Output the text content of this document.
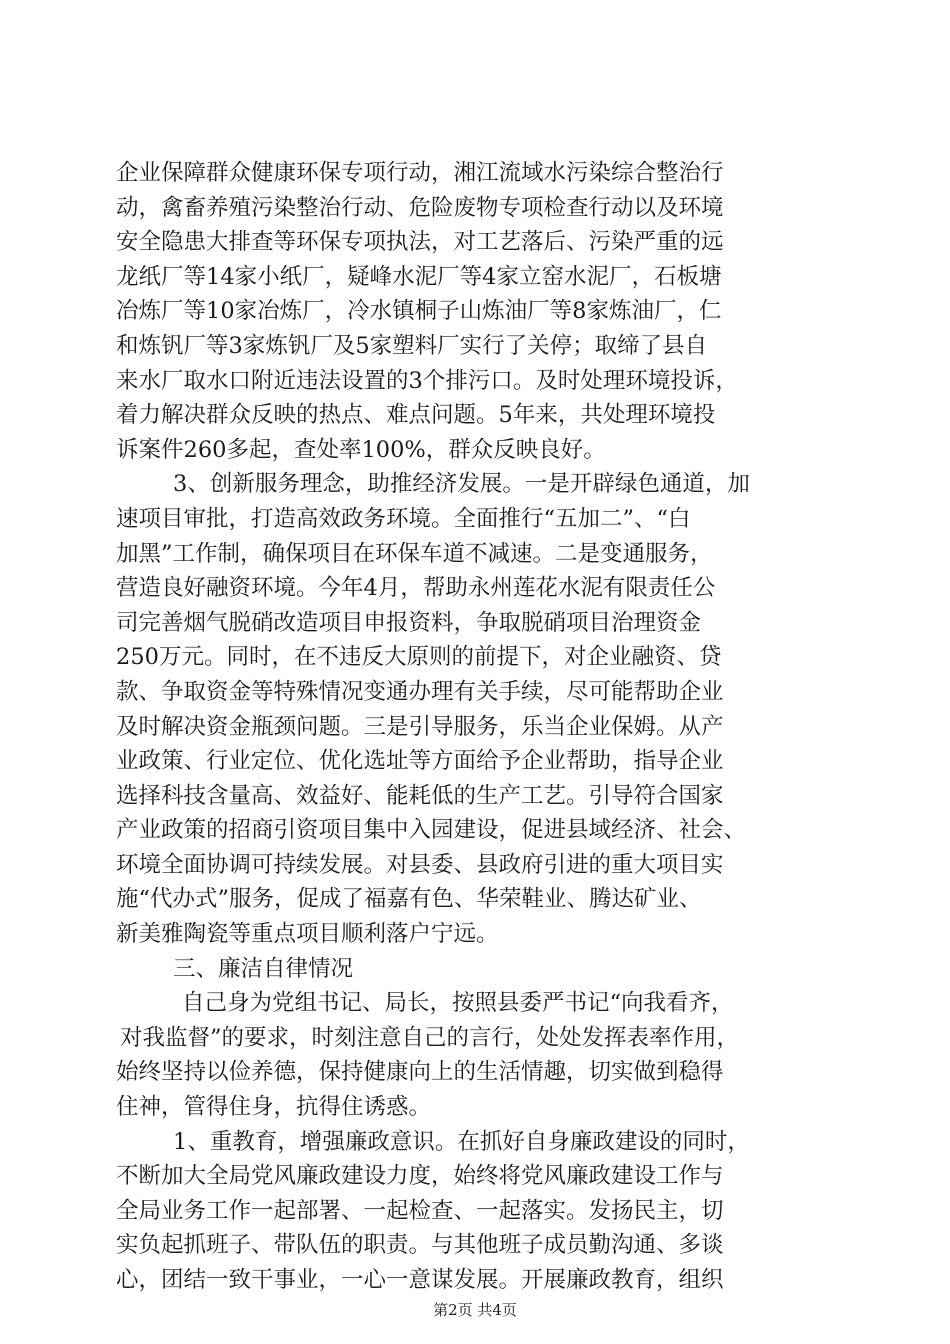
企业保障群众健康环保专项行动，湘江流域水污染综合整治行
动，禽畜养殖污染整治行动、危险废物专项检查行动以及环境
安全隐患大排查等环保专项执法，对工艺落后、污染严重的远
龙纸厂等14家小纸厂，疑峰水泥厂等4家立窑水泥厂，石板塘
冶炼厂等10家冶炼厂，冷水镇桐子山炼油厂等8家炼油厂，仁
和炼钒厂等3家炼钒厂及5家塑料厂实行了关停；取缔了县自
来水厂取水口附近违法设置的3个排污口。及时处理环境投诉，
着力解决群众反映的热点、难点问题。5年来，共处理环境投
诉案件260多起，查处率100%，群众反映良好。
3、创新服务理念，助推经济发展。一是开辟绿色通道，加
速项目审批，打造高效政务环境。全面推行“五加二”、“白
加黑”工作制，确保项目在环保车道不减速。二是变通服务，
营造良好融资环境。今年4月，帮助永州莲花水泥有限责任公
司完善烟气脱硝改造项目申报资料，争取脱硝项目治理资金
250万元。同时，在不违反大原则的前提下，对企业融资、贷
款、争取资金等特殊情况变通办理有关手续，尽可能帮助企业
及时解决资金瓶颈问题。三是引导服务，乐当企业保姆。从产
业政策、行业定位、优化选址等方面给予企业帮助，指导企业
选择科技含量高、效益好、能耗低的生产工艺。引导符合国家
产业政策的招商引资项目集中入园建设，促进县域经济、社会、
环境全面协调可持续发展。对县委、县政府引进的重大项目实
施“代办式”服务，促成了福嘉有色、华荣鞋业、腾达矿业、
新美雅陶瓷等重点项目顺利落户宁远。
三、廉洁自律情况
自己身为党组书记、局长，按照县委严书记“向我看齐，
对我监督”的要求，时刻注意自己的言行，处处发挥表率作用，
始终坚持以俭养德，保持健康向上的生活情趣，切实做到稳得
住神，管得住身，抗得住诱惑。
1、重教育，增强廉政意识。在抓好自身廉政建设的同时，
不断加大全局党风廉政建设力度，始终将党风廉政建设工作与
全局业务工作一起部署、一起检查、一起落实。发扬民主，切
实负起抓班子、带队伍的职责。与其他班子成员勤沟通、多谈
心，团结一致干事业，一心一意谋发展。开展廉政教育，组织
第2页 共4页
